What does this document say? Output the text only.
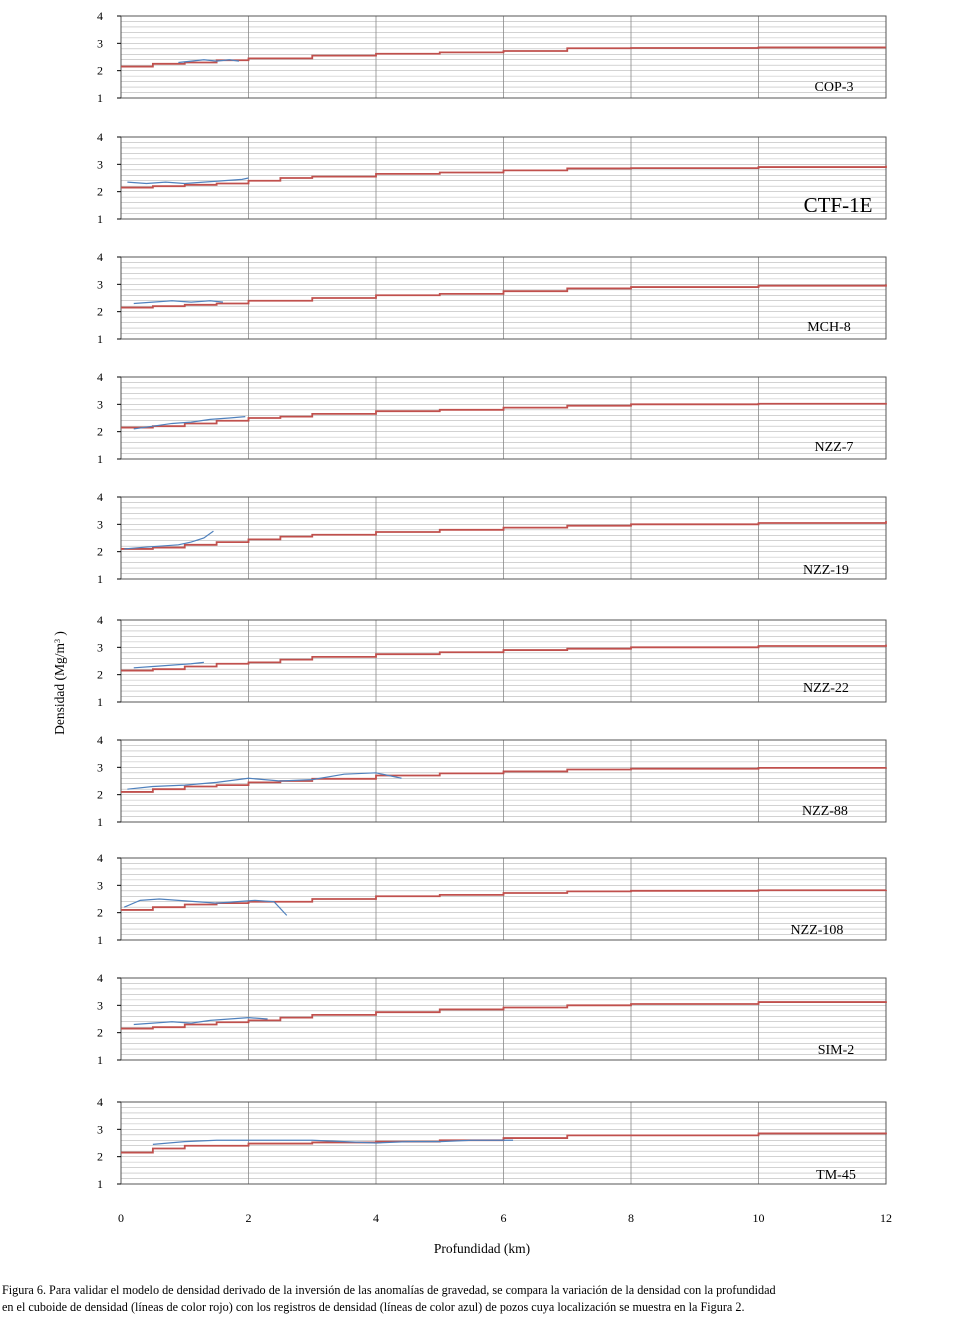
1
2
3
4
COP-3
1
2
3
4
CTF-1E
1
2
3
4
MCH-8
1
2
3
4
NZZ-7
1
2
3
4
NZZ-19
1
2
3
4
NZZ-22
1
2
3
4
NZZ-88
1
2
3
4
NZZ-108
1
2
3
4
SIM-2
1
2
3
4
TM-45
0	2	4	6	8	10	12
Profundidad (km)
Densidad ($Mg/m^3$ )
Figura 6. Para validar el modelo de densidad derivado de la inversión de las anomalías de gravedad, se compara la variación de la densidad con la profundidad
en el cuboide de densidad (líneas de color rojo) con los registros de densidad (líneas de color azul) de pozos cuya localización se muestra en la Figura 2.
